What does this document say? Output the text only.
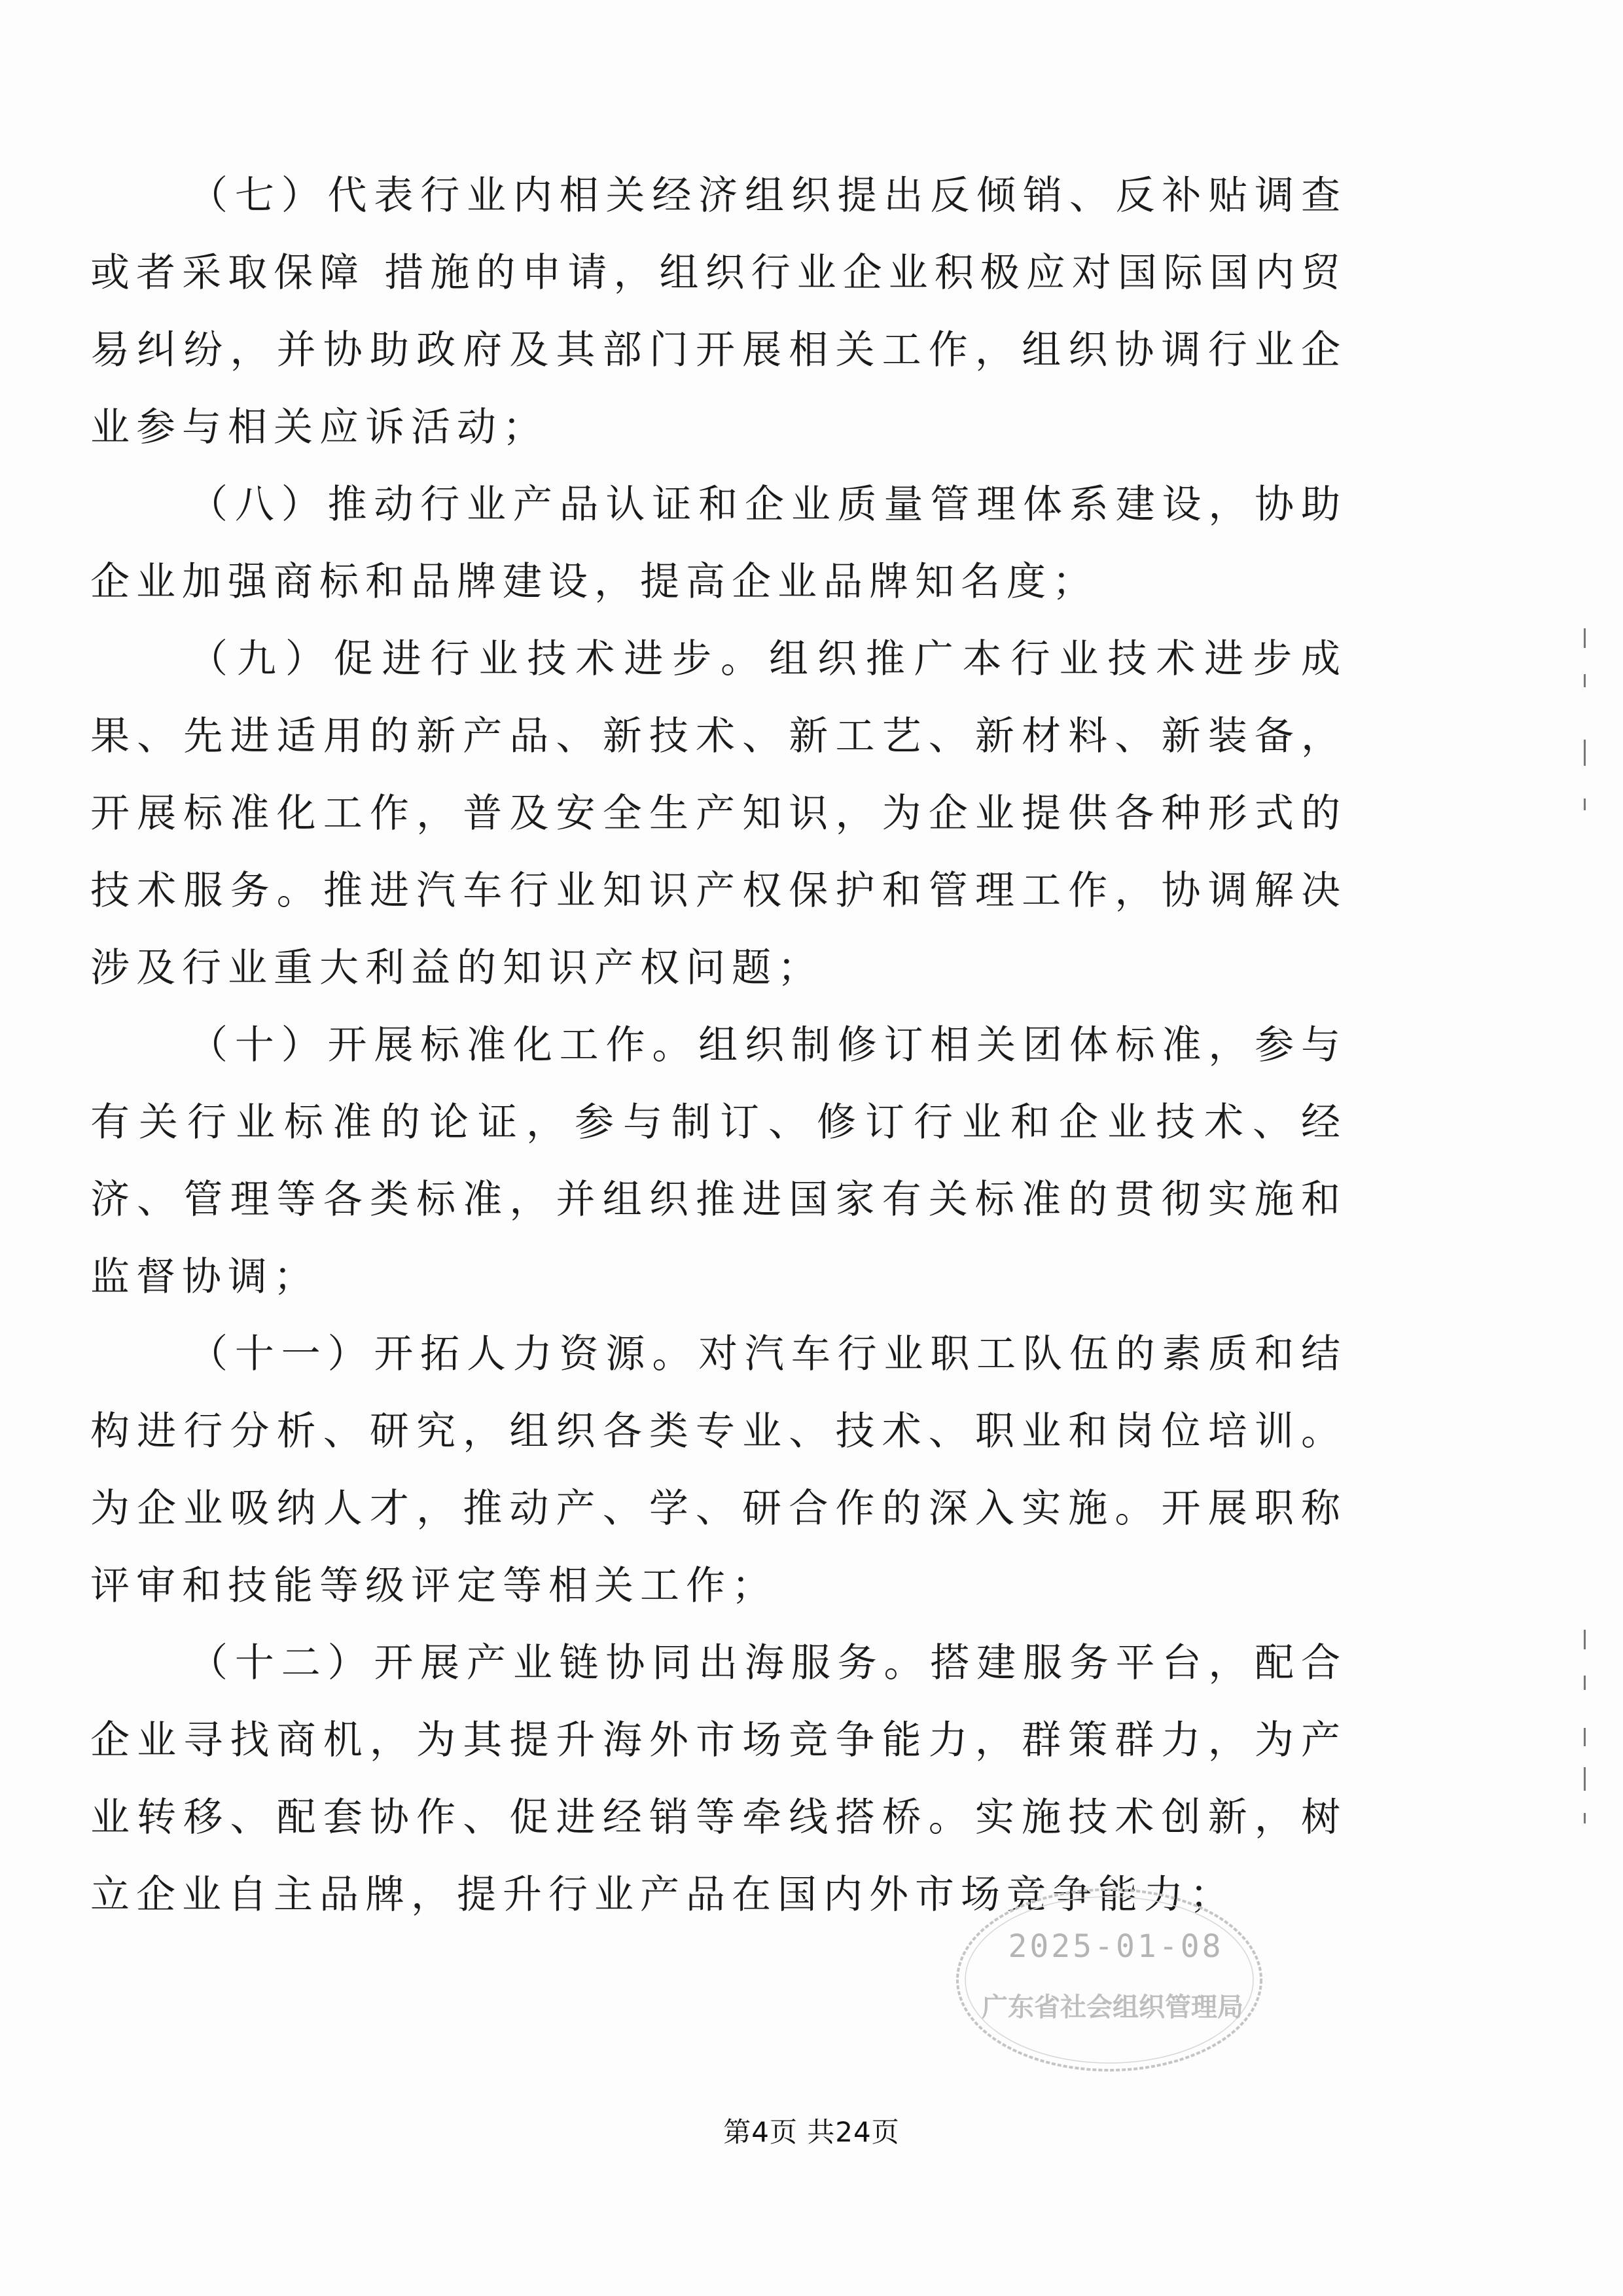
（七）代表行业内相关经济组织提出反倾销、反补贴调查或者采取保障 措施的申请，组织行业企业积极应对国际国内贸易纠纷，并协助政府及其部门开展相关工作，组织协调行业企业参与相关应诉活动；

（八）推动行业产品认证和企业质量管理体系建设，协助企业加强商标和品牌建设，提高企业品牌知名度；

（九）促进行业技术进步。组织推广本行业技术进步成果、先进适用的新产品、新技术、新工艺、新材料、新装备，开展标准化工作，普及安全生产知识，为企业提供各种形式的技术服务。推进汽车行业知识产权保护和管理工作，协调解决涉及行业重大利益的知识产权问题；

（十）开展标准化工作。组织制修订相关团体标准，参与有关行业标准的论证，参与制订、修订行业和企业技术、经济、管理等各类标准，并组织推进国家有关标准的贯彻实施和监督协调；

（十一）开拓人力资源。对汽车行业职工队伍的素质和结构进行分析、研究，组织各类专业、技术、职业和岗位培训。为企业吸纳人才，推动产、学、研合作的深入实施。开展职称评审和技能等级评定等相关工作；

（十二）开展产业链协同出海服务。搭建服务平台，配合企业寻找商机，为其提升海外市场竞争能力，群策群力，为产业转移、配套协作、促进经销等牵线搭桥。实施技术创新，树立企业自主品牌，提升行业产品在国内外市场竞争能力；

2025-01-08
广东省社会组织管理局
第4页 共24页
